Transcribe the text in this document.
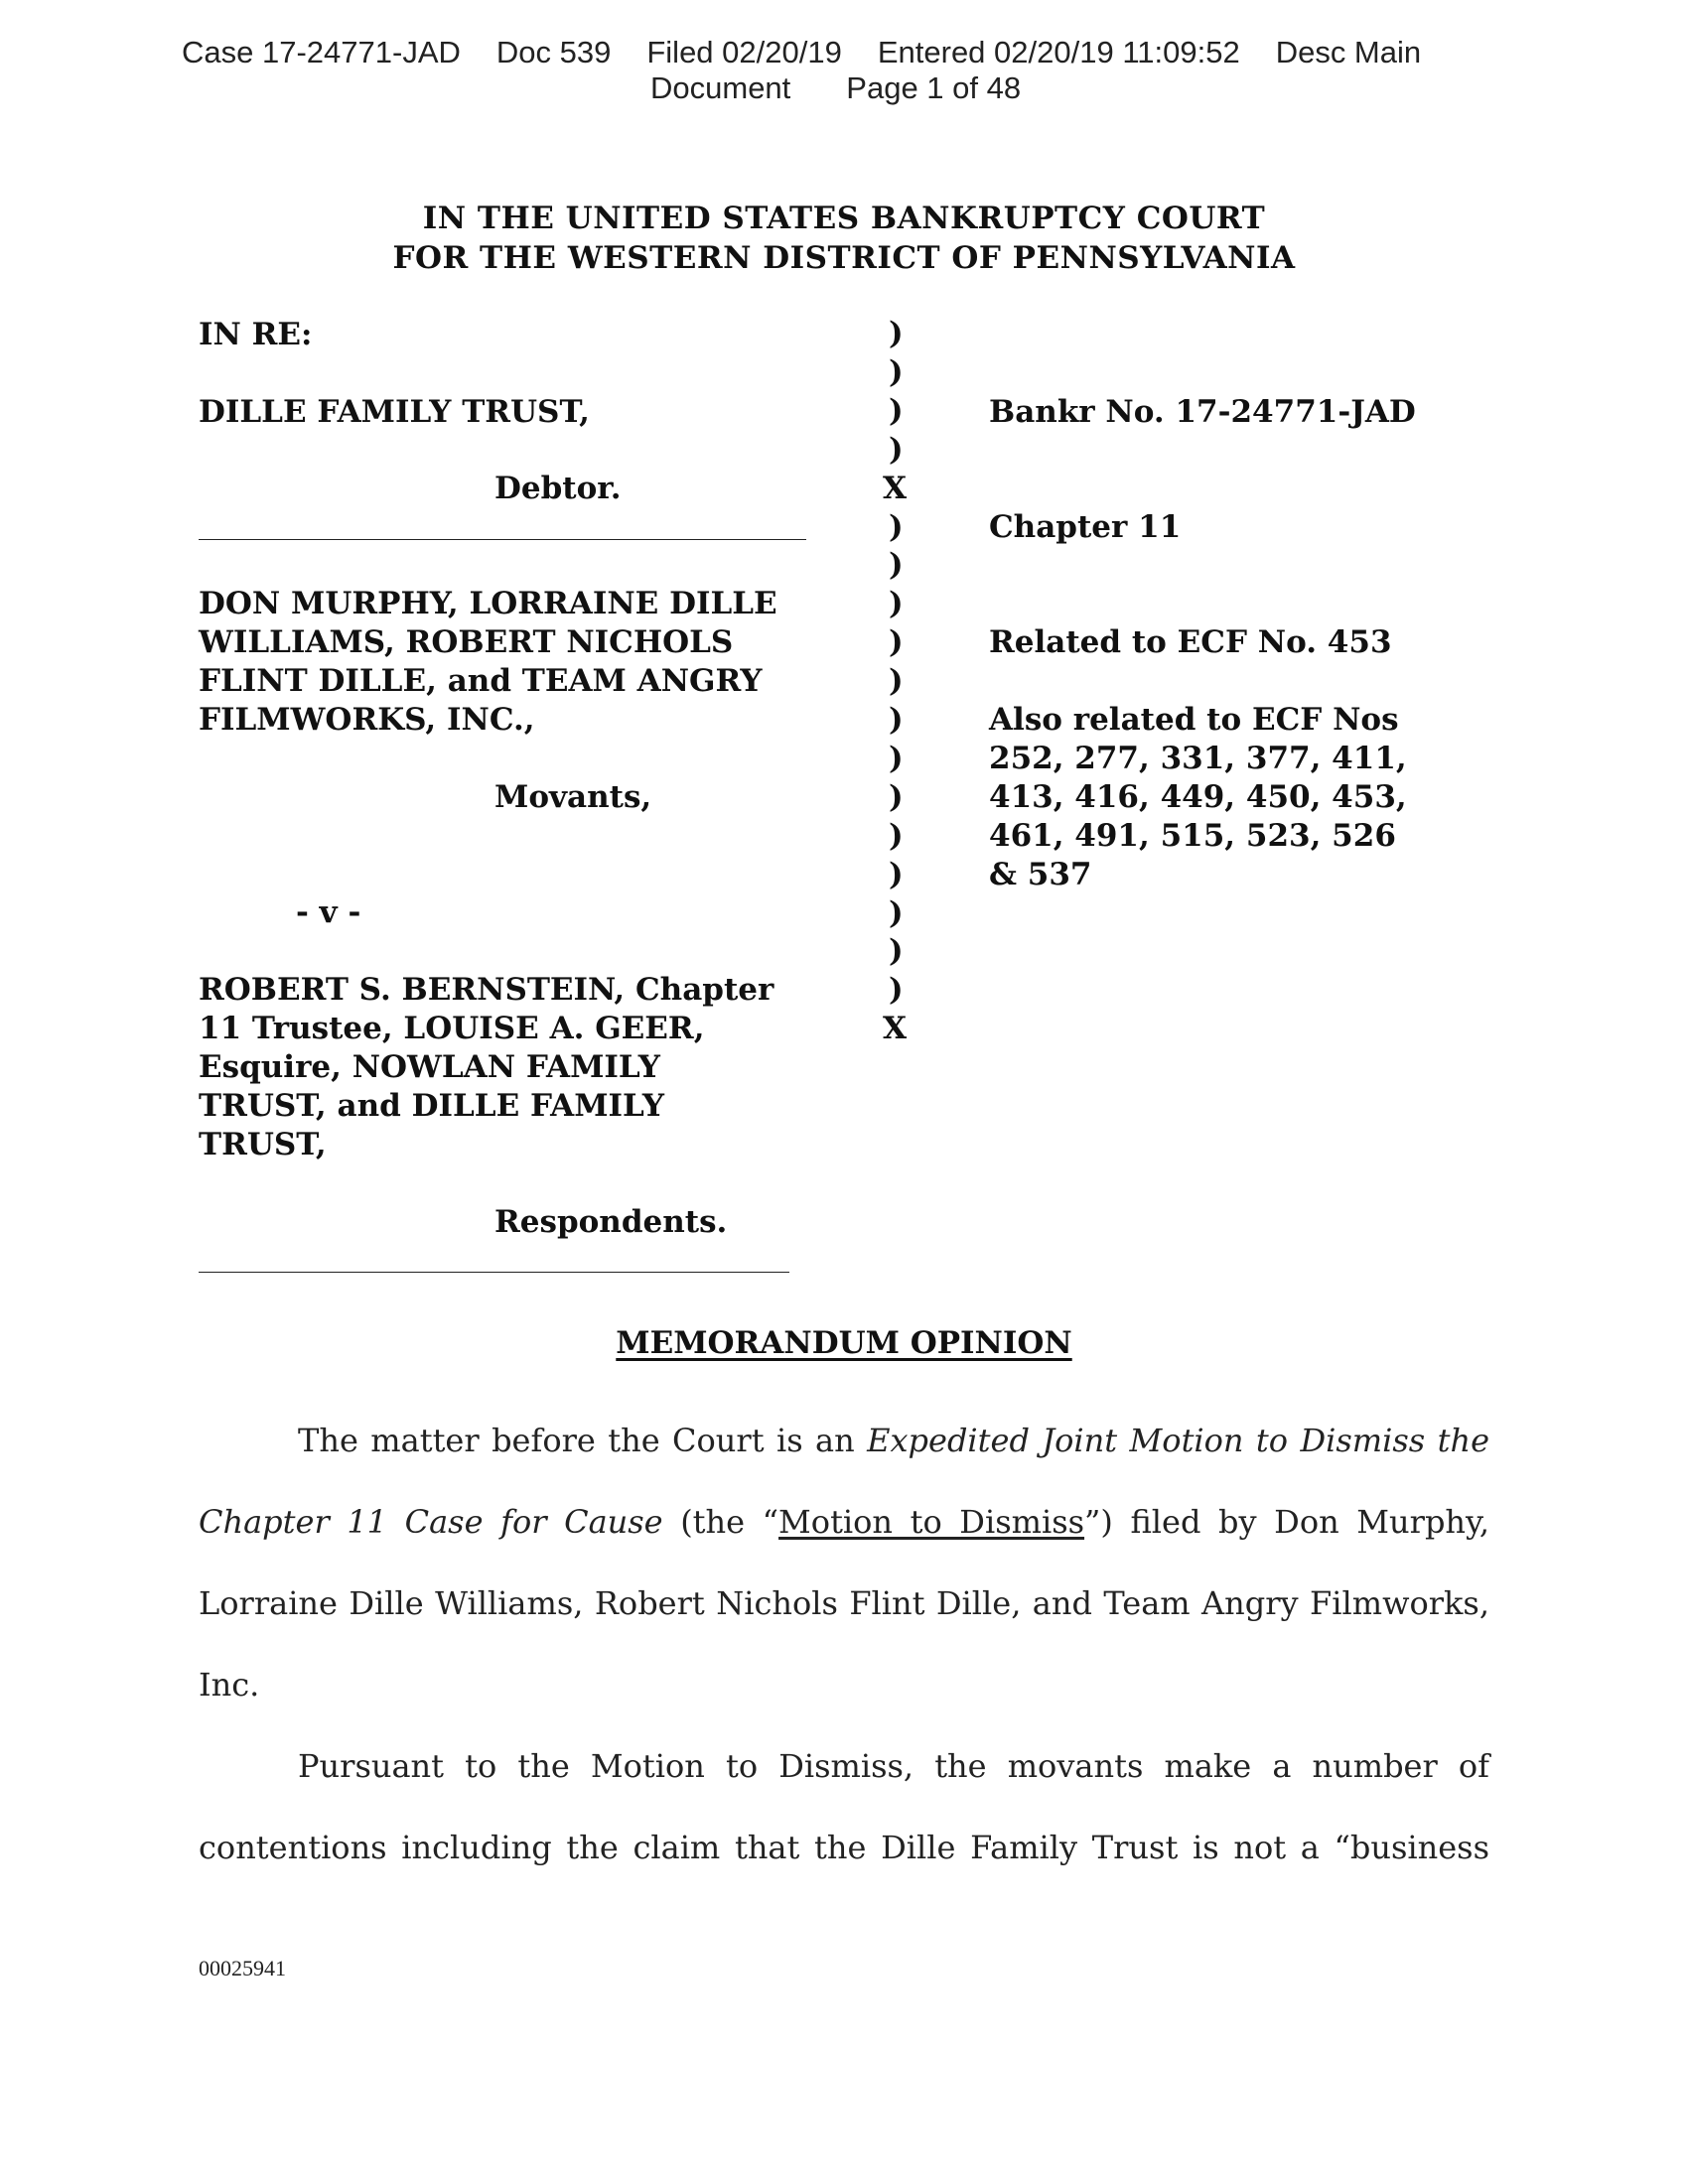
Case 17-24771-JAD Doc 539 Filed 02/20/19 Entered 02/20/19 11:09:52 Desc Main
Document Page 1 of 48
IN THE UNITED STATES BANKRUPTCY COURT
FOR THE WESTERN DISTRICT OF PENNSYLVANIA
IN RE:
DILLE FAMILY TRUST,
Debtor.
DON MURPHY, LORRAINE DILLE
WILLIAMS, ROBERT NICHOLS
FLINT DILLE, and TEAM ANGRY
FILMWORKS, INC.,
Movants,
- v -
ROBERT S. BERNSTEIN, Chapter
11 Trustee, LOUISE A. GEER,
Esquire, NOWLAN FAMILY
TRUST, and DILLE FAMILY
TRUST,
Respondents.
Bankr No. 17-24771-JAD
Chapter 11
Related to ECF No. 453
Also related to ECF Nos
252, 277, 331, 377, 411,
413, 416, 449, 450, 453,
461, 491, 515, 523, 526
& 537
)
)
)
)
X
)
)
)
)
)
)
)
)
)
)
)
)
)
X
MEMORANDUM OPINION
The matter before the Court is an Expedited Joint Motion to Dismiss the
Chapter 11 Case for Cause (the “Motion to Dismiss”) filed by Don Murphy,
Lorraine Dille Williams, Robert Nichols Flint Dille, and Team Angry Filmworks,
Inc.
Pursuant to the Motion to Dismiss, the movants make a number of
contentions including the claim that the Dille Family Trust is not a “business
00025941
